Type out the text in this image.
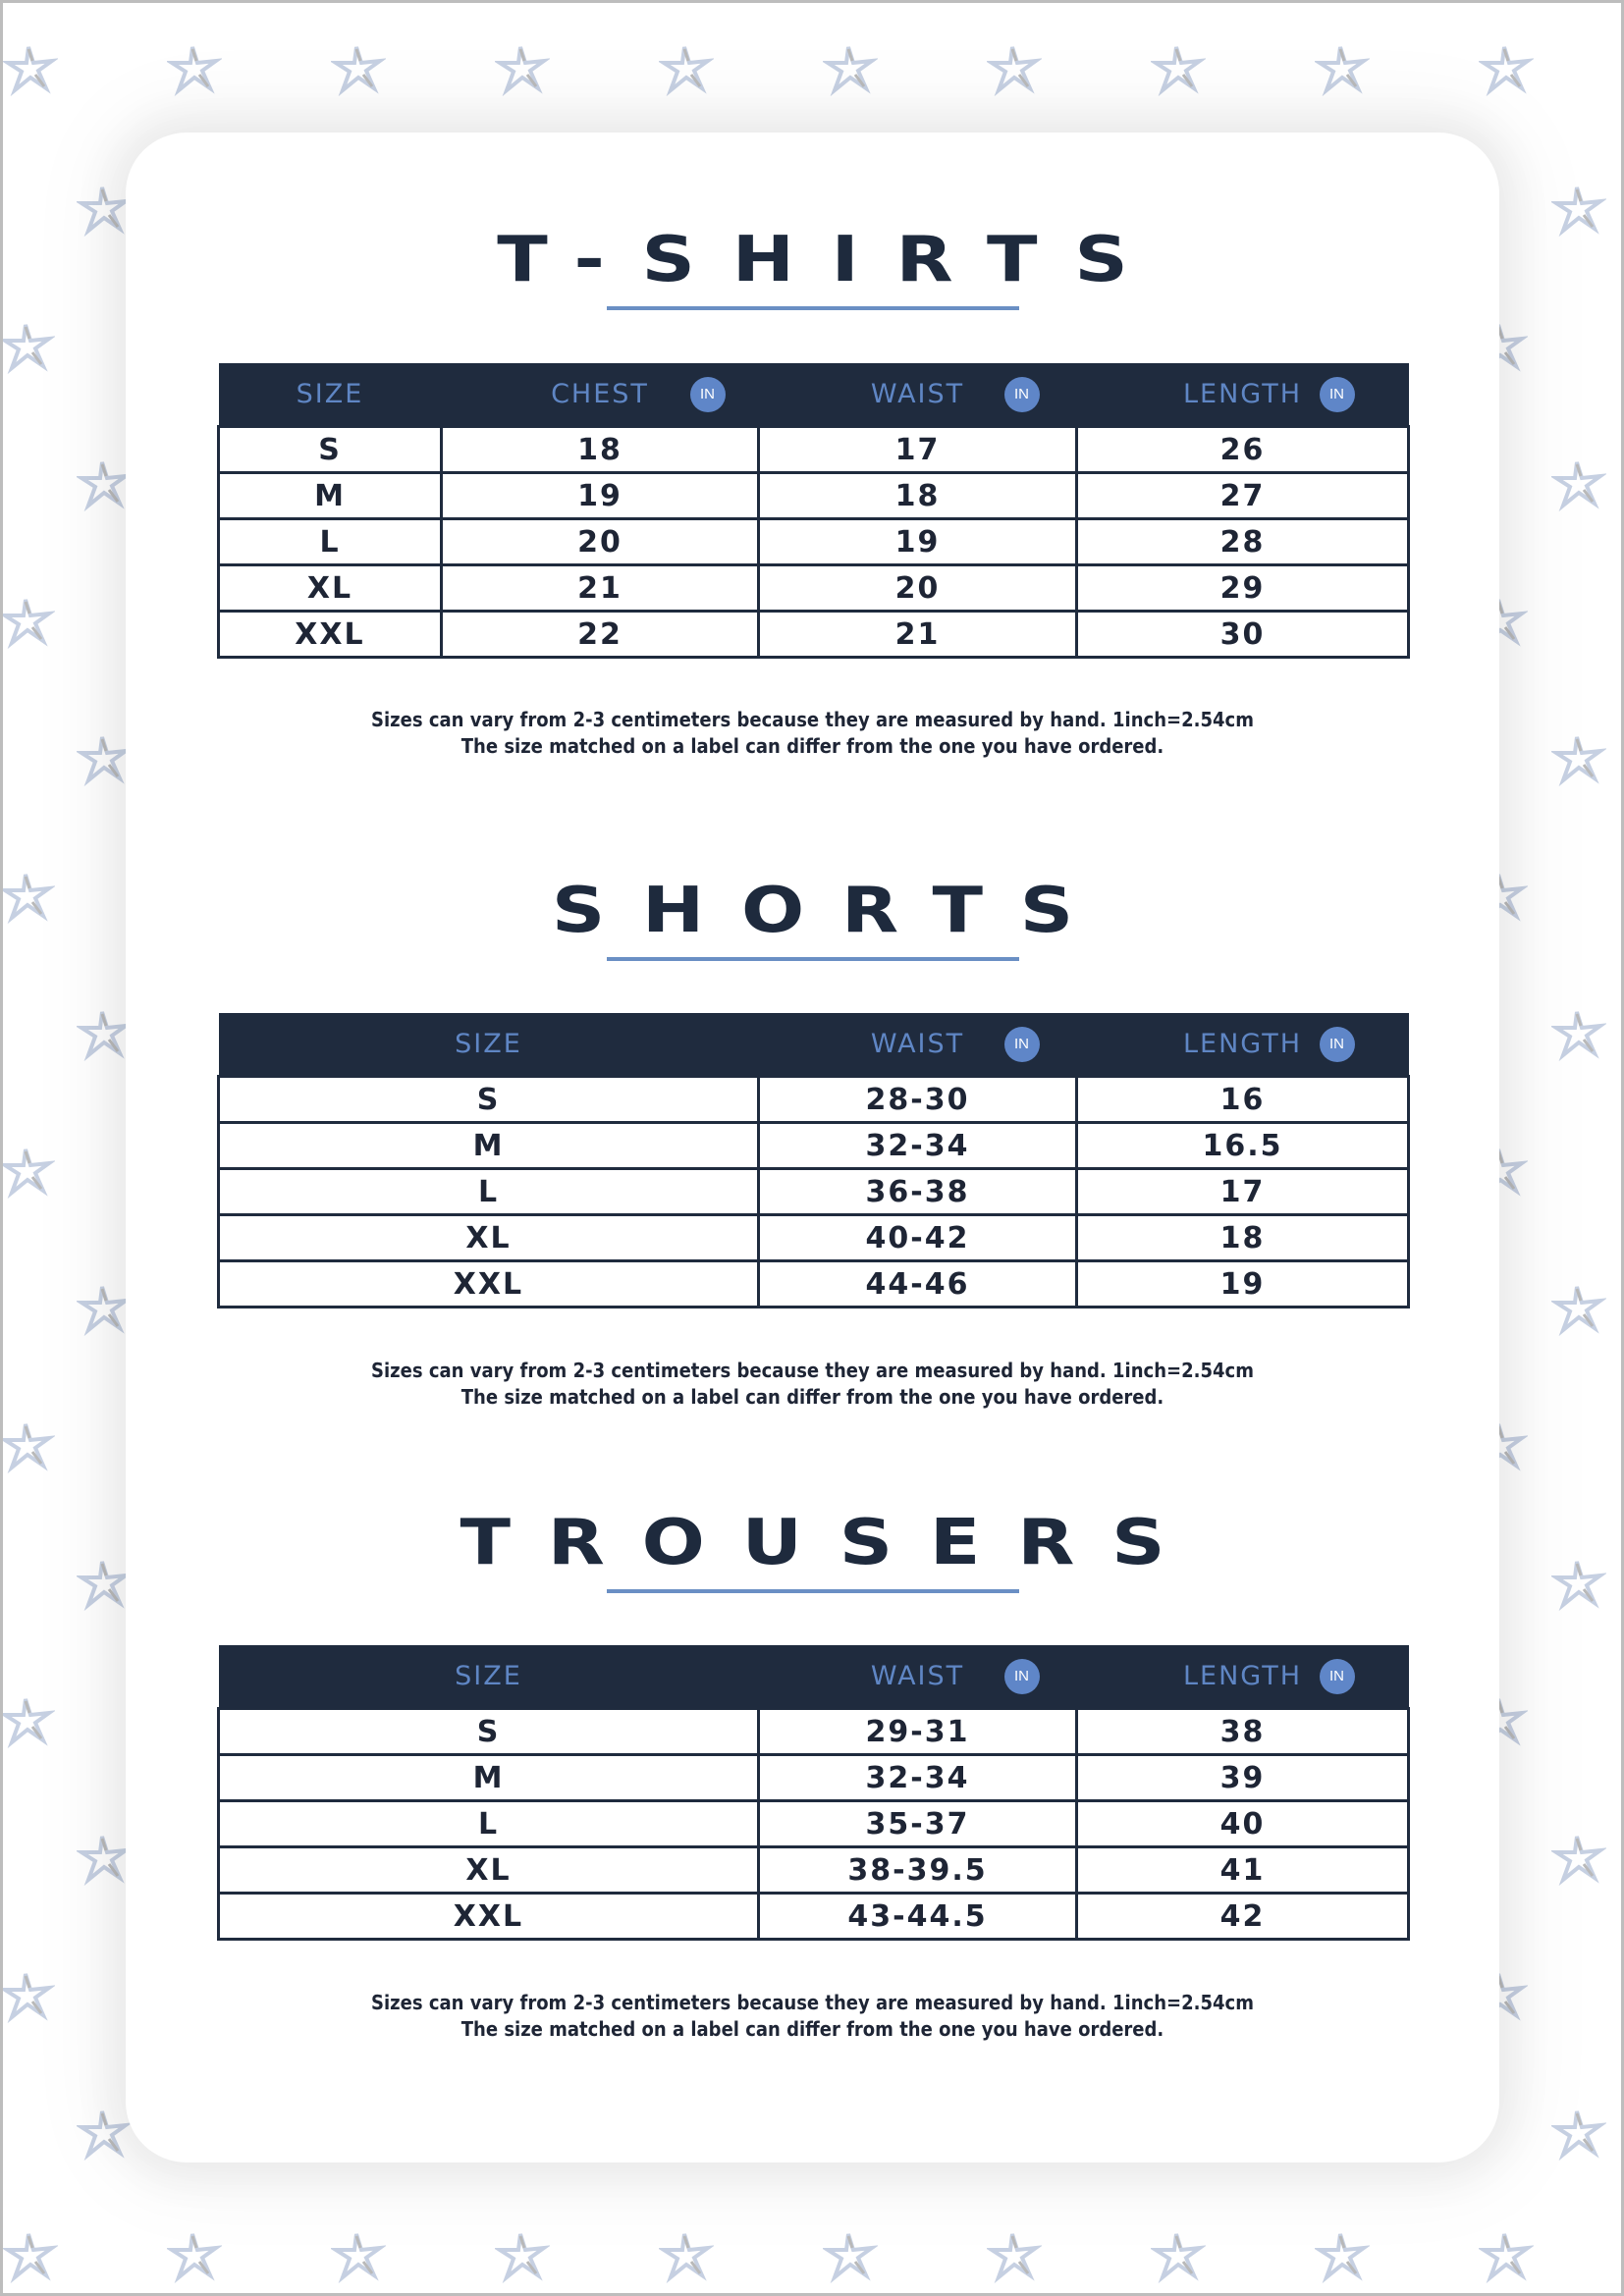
T-SHIRTS
SIZE	CHEST IN	WAIST IN	LENGTH IN

S	18	17	26
M	19	18	27
L	20	19	28
XL	21	20	29
XXL	22	21	30
Sizes can vary from 2-3 centimeters because they are measured by hand. 1inch=2.54cm
The size matched on a label can differ from the one you have ordered.
SHORTS
SIZE	WAIST IN	LENGTH IN

S	28-30	16
M	32-34	16.5
L	36-38	17
XL	40-42	18
XXL	44-46	19
Sizes can vary from 2-3 centimeters because they are measured by hand. 1inch=2.54cm
The size matched on a label can differ from the one you have ordered.
TROUSERS
SIZE	WAIST IN	LENGTH IN

S	29-31	38
M	32-34	39
L	35-37	40
XL	38-39.5	41
XXL	43-44.5	42
Sizes can vary from 2-3 centimeters because they are measured by hand. 1inch=2.54cm
The size matched on a label can differ from the one you have ordered.
